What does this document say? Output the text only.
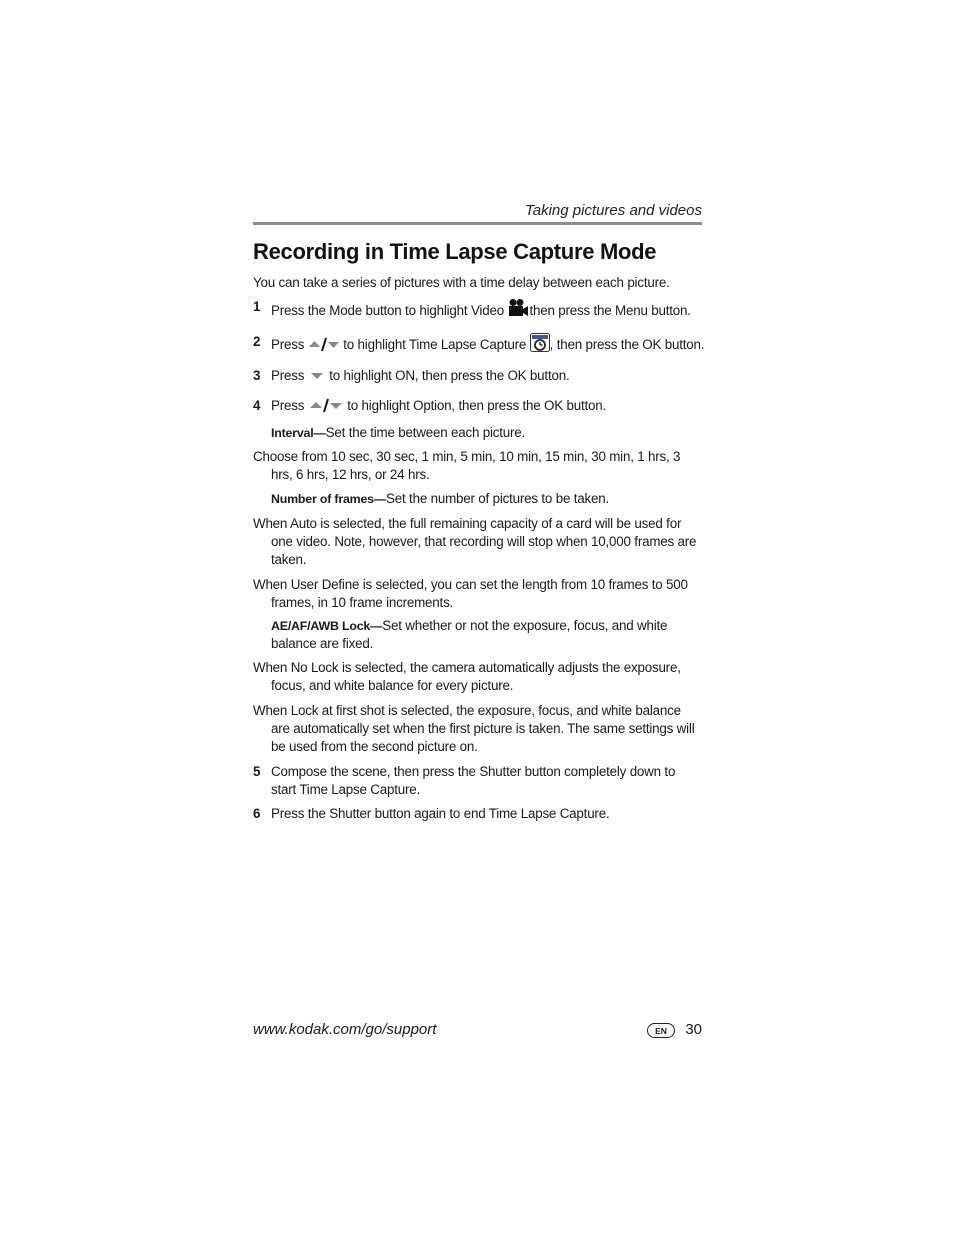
Taking pictures and videos
Recording in Time Lapse Capture Mode

You can take a series of pictures with a time delay between each picture.

1 Press the Mode button to highlight Video then press the Menu button.

2 Press  to highlight Time Lapse Capture , then press the OK button.

3 Press  to highlight ON, then press the OK button.

4 Press	to highlight Option, then press the OK button.

Interval—Set the time between each picture.

Choose from 10 sec, 30 sec, 1 min, 5 min, 10 min, 15 min, 30 min, 1 hrs, 3 hrs, 6 hrs, 12 hrs, or 24 hrs.

Number of frames—Set the number of pictures to be taken.

When Auto is selected, the full remaining capacity of a card will be used for one video. Note, however, that recording will stop when 10,000 frames are taken.

When User Define is selected, you can set the length from 10 frames to 500 frames, in 10 frame increments.

AE/AF/AWB Lock—Set whether or not the exposure, focus, and white balance are fixed.

When No Lock is selected, the camera automatically adjusts the exposure, focus, and white balance for every picture.

When Lock at first shot is selected, the exposure, focus, and white balance are automatically set when the first picture is taken. The same settings will be used from the second picture on.

5 Compose the scene, then press the Shutter button completely down to start Time Lapse Capture.

6 Press the Shutter button again to end Time Lapse Capture.

www.kodak.com/go/support	EN	30
